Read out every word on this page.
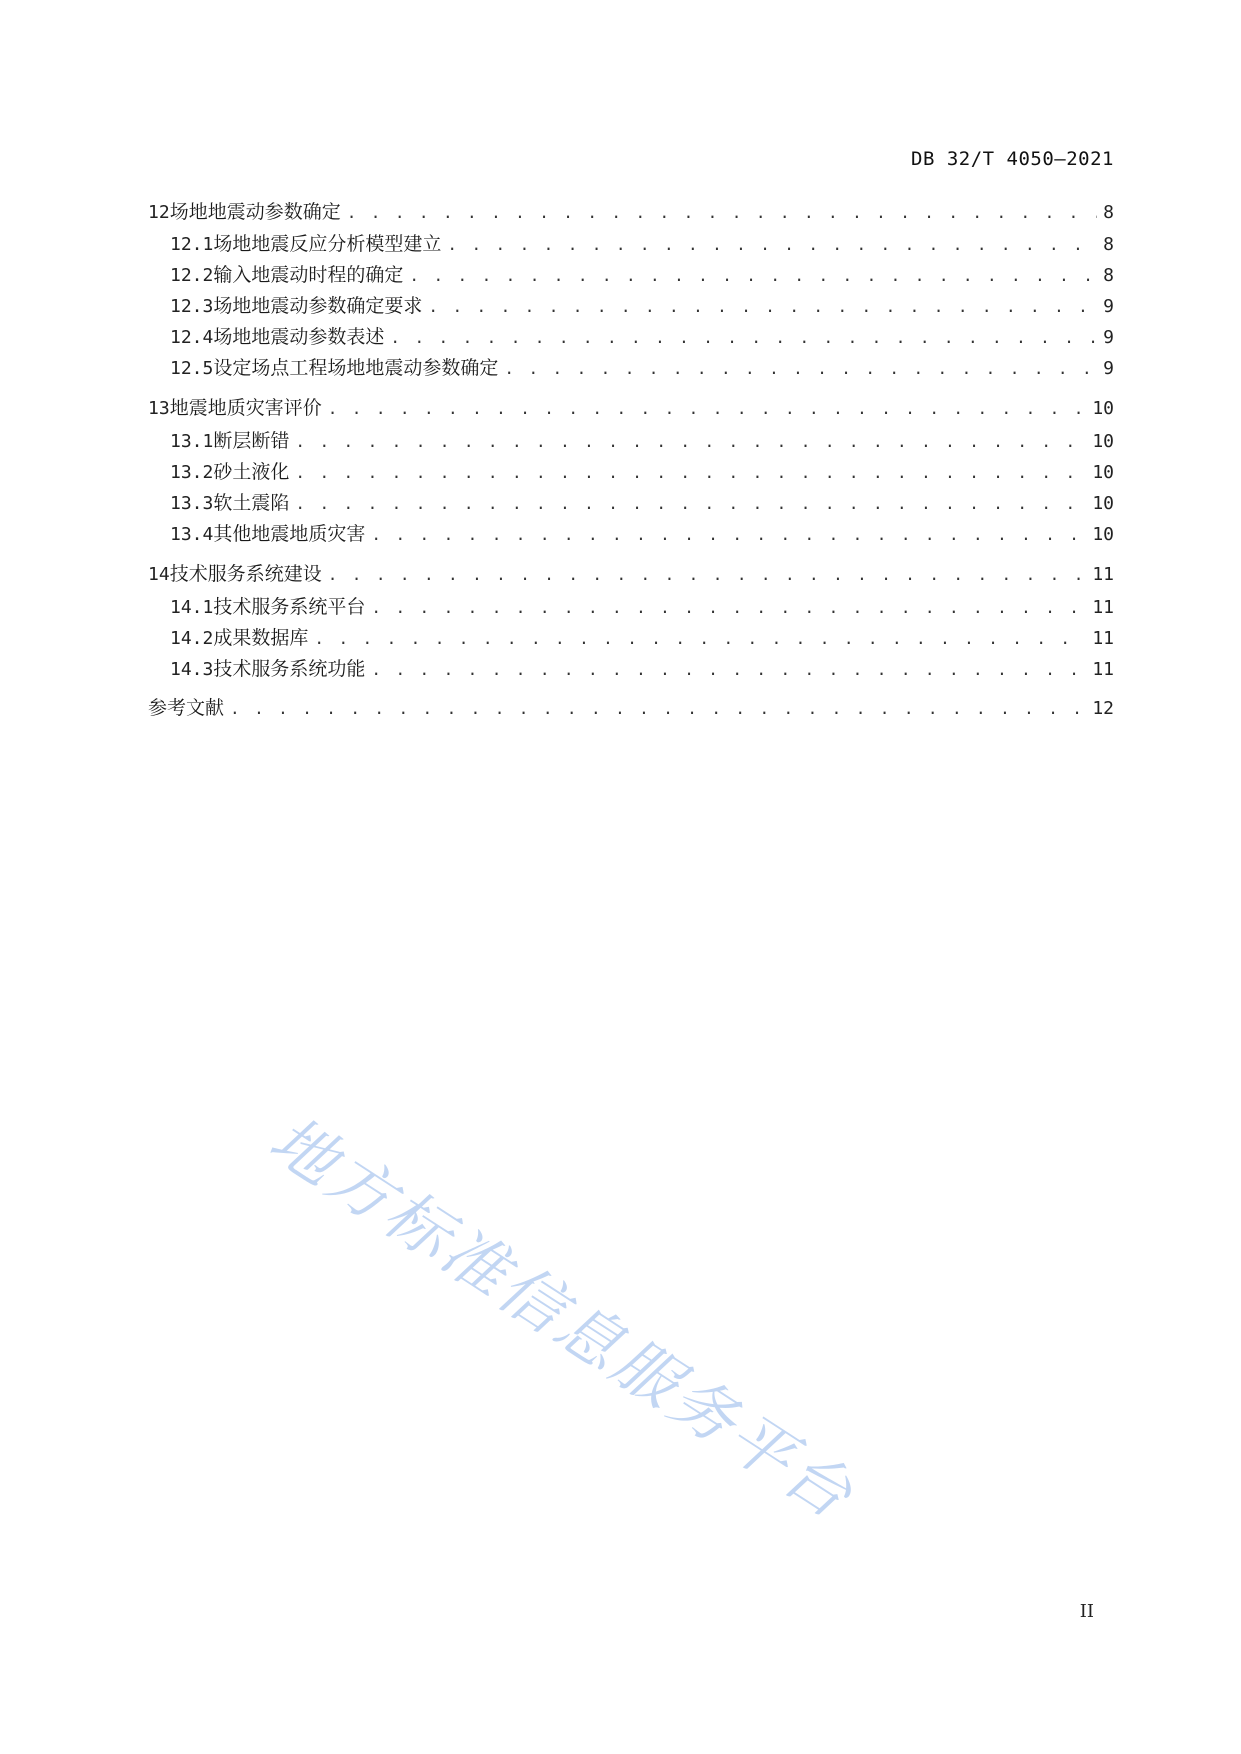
DB 32/T 4050—2021
12 场地地震动参数确定 . . .	8
12.1 场地地震反应分析模型建立 . . .	8
12.2 输入地震动时程的确定 . . .	8
12.3 场地地震动参数确定要求 . . .	9
12.4 场地地震动参数表述 . . .	9
12.5 设定场点工程场地地震动参数确定 . . .	9
13 地震地质灾害评价 . . .	10
13.1 断层断错 . . .	10
13.2 砂土液化 . . .	10
13.3 软土震陷 . . .	10
13.4 其他地震地质灾害 . . .	10
14 技术服务系统建设 . . .	11
14.1 技术服务系统平台 . . .	11
14.2 成果数据库 . . .	11
14.3 技术服务系统功能 . . .	11
参考文献 . . .	12
地方标准信息服务平台
II
